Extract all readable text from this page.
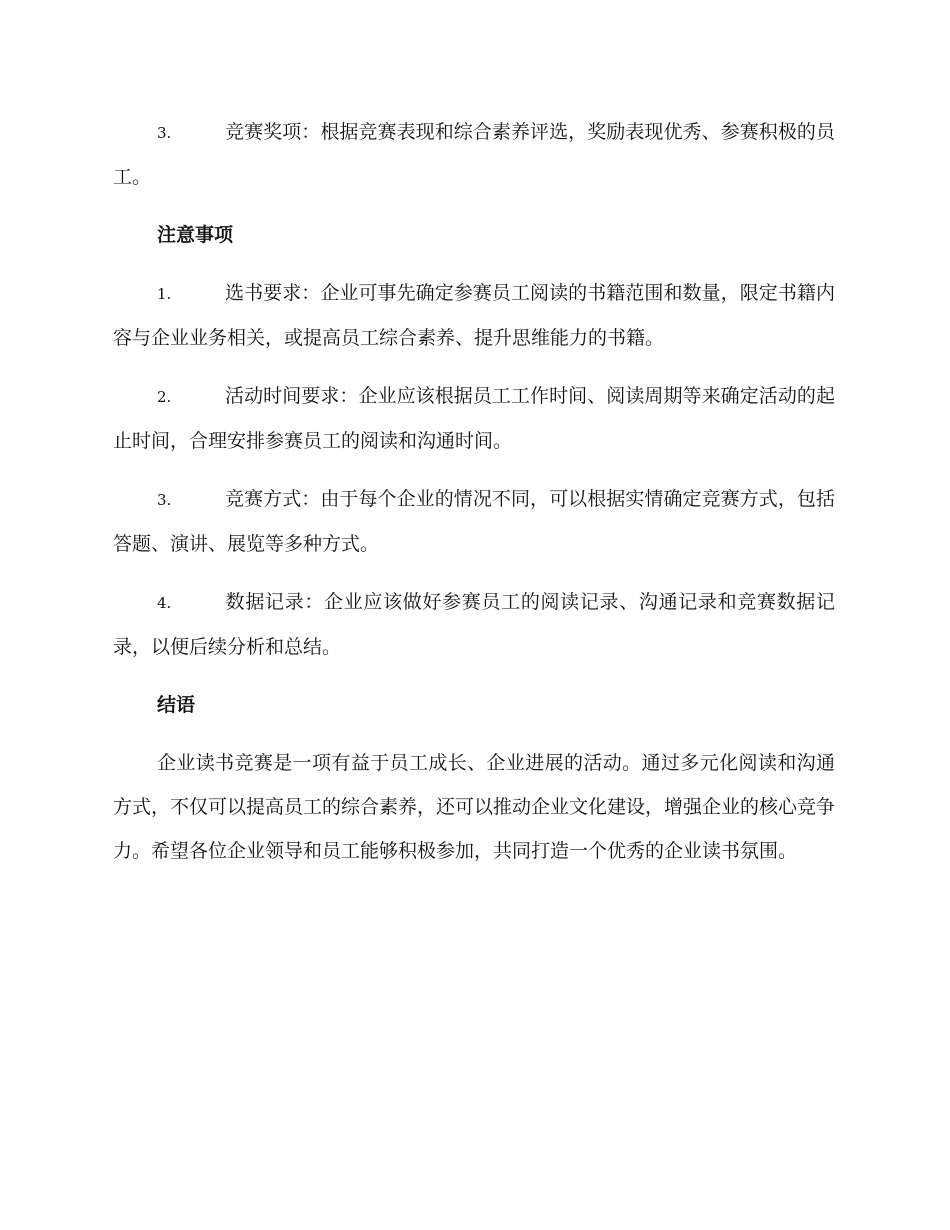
3.	竞赛奖项：根据竞赛表现和综合素养评选，奖励表现优秀、参赛积极的员工。

注意事项

1.	选书要求：企业可事先确定参赛员工阅读的书籍范围和数量，限定书籍内容与企业业务相关，或提高员工综合素养、提升思维能力的书籍。

2.	活动时间要求：企业应该根据员工工作时间、阅读周期等来确定活动的起止时间，合理安排参赛员工的阅读和沟通时间。

3.	竞赛方式：由于每个企业的情况不同，可以根据实情确定竞赛方式，包括答题、演讲、展览等多种方式。

4.	数据记录：企业应该做好参赛员工的阅读记录、沟通记录和竞赛数据记录，以便后续分析和总结。

结语

企业读书竞赛是一项有益于员工成长、企业进展的活动。通过多元化阅读和沟通方式，不仅可以提高员工的综合素养，还可以推动企业文化建设，增强企业的核心竞争力。希望各位企业领导和员工能够积极参加，共同打造一个优秀的企业读书氛围。
